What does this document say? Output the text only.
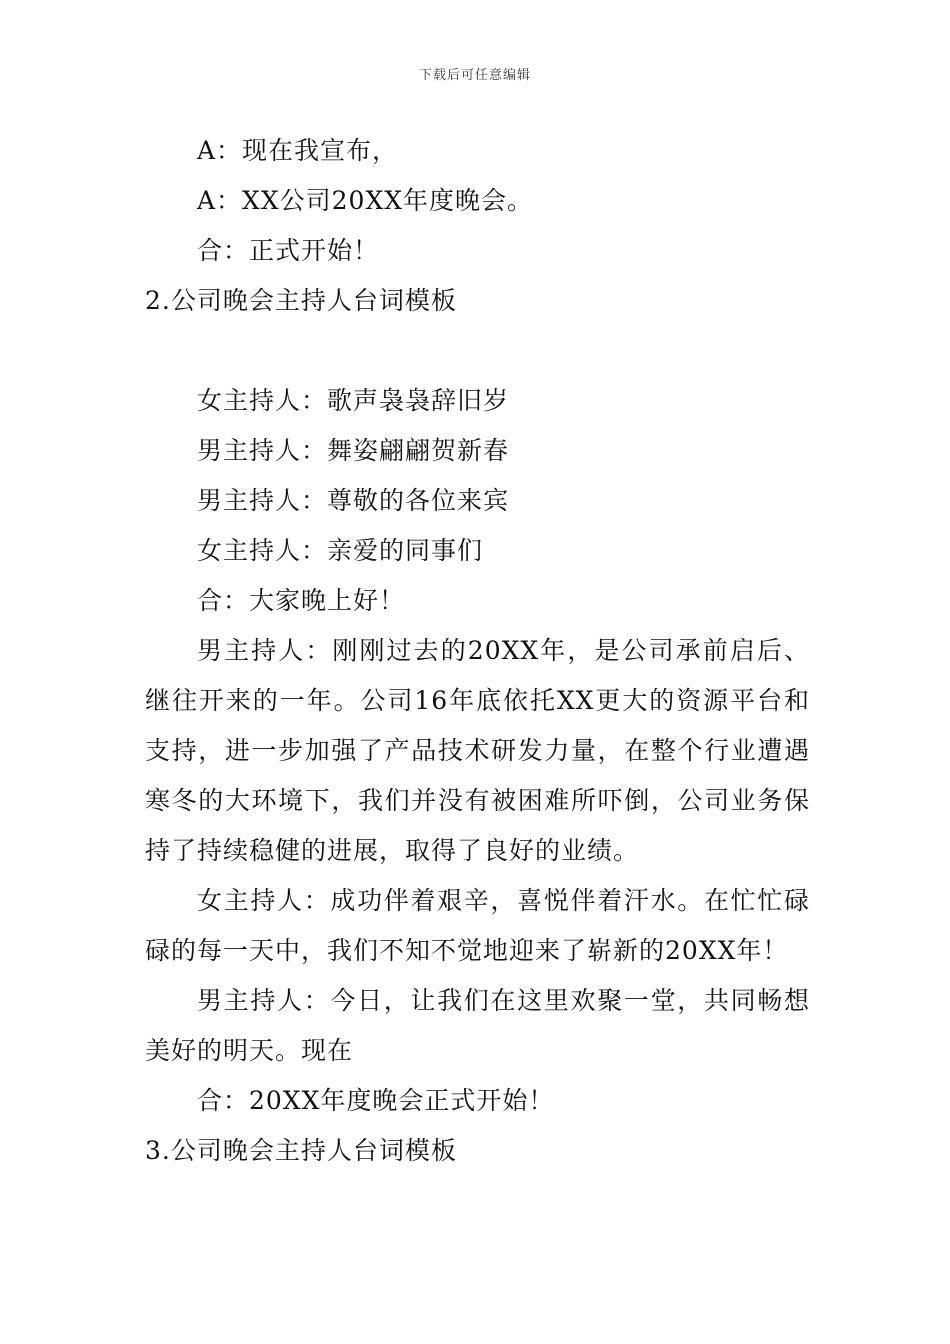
下载后可任意编辑
A：现在我宣布，
A：XX公司20XX年度晚会。
合：正式开始！
2.公司晚会主持人台词模板
女主持人：歌声袅袅辞旧岁
男主持人：舞姿翩翩贺新春
男主持人：尊敬的各位来宾
女主持人：亲爱的同事们
合：大家晚上好！

男主持人：刚刚过去的20XX年，是公司承前启后、继往开来的一年。公司16年底依托XX更大的资源平台和支持，进一步加强了产品技术研发力量，在整个行业遭遇寒冬的大环境下，我们并没有被困难所吓倒，公司业务保持了持续稳健的进展，取得了良好的业绩。

女主持人：成功伴着艰辛，喜悦伴着汗水。在忙忙碌碌的每一天中，我们不知不觉地迎来了崭新的20XX年！

男主持人：今日，让我们在这里欢聚一堂，共同畅想美好的明天。现在

合：20XX年度晚会正式开始！
3.公司晚会主持人台词模板
